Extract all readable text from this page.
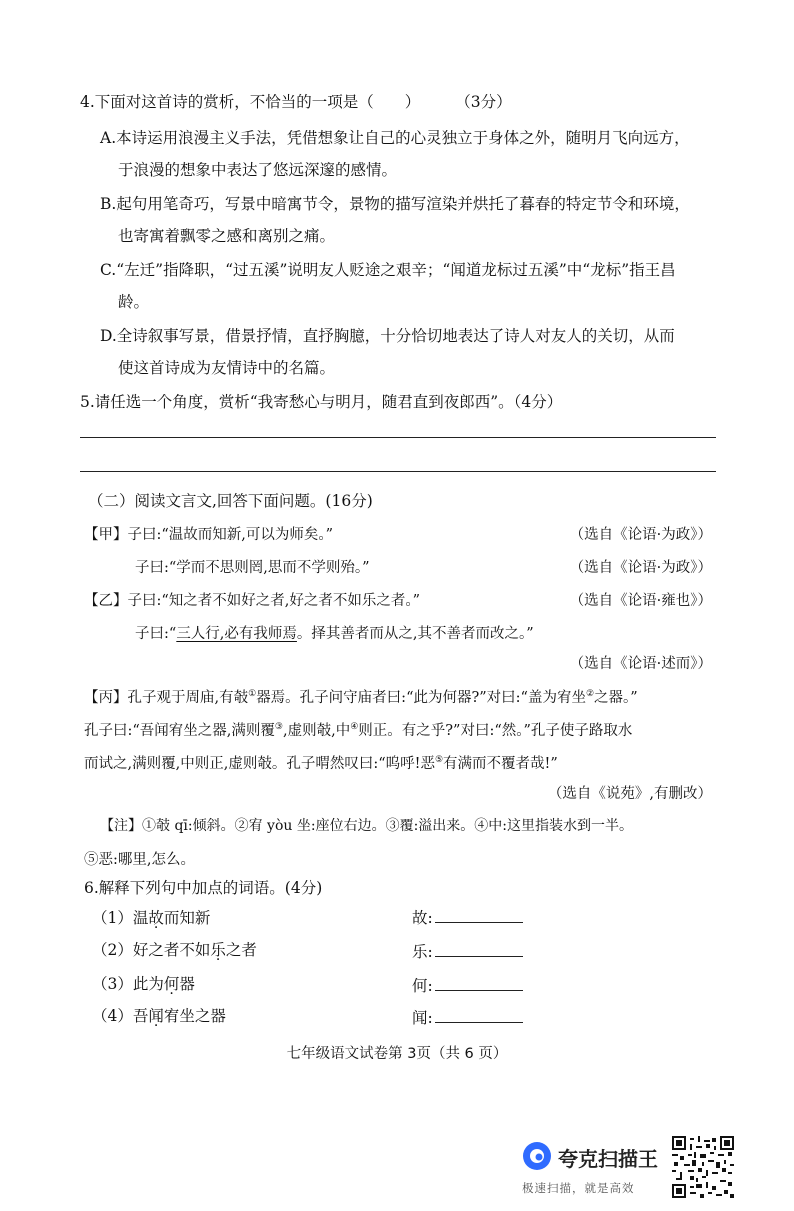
4.下面对这首诗的赏析，不恰当的一项是（　　） （3分）
A.本诗运用浪漫主义手法，凭借想象让自己的心灵独立于身体之外，随明月飞向远方，
于浪漫的想象中表达了悠远深邃的感情。
B.起句用笔奇巧，写景中暗寓节令，景物的描写渲染并烘托了暮春的特定节令和环境，
也寄寓着飘零之感和离别之痛。
C.“左迁”指降职，“过五溪”说明友人贬途之艰辛；“闻道龙标过五溪”中“龙标”指王昌
龄。
D.全诗叙事写景，借景抒情，直抒胸臆，十分恰切地表达了诗人对友人的关切，从而
使这首诗成为友情诗中的名篇。
5.请任选一个角度，赏析“我寄愁心与明月，随君直到夜郎西”。（4分）
（二）阅读文言文,回答下面问题。(16分)
【甲】子曰:“温故而知新,可以为师矣。”	（选自《论语·为政》）
子曰:“学而不思则罔,思而不学则殆。”	（选自《论语·为政》）
【乙】子曰:“知之者不如好之者,好之者不如乐之者。”	（选自《论语·雍也》）
子曰:“三人行,必有我师焉。择其善者而从之,其不善者而改之。”
（选自《论语·述而》）
【丙】孔子观于周庙,有攲①器焉。孔子问守庙者曰:“此为何器?”对曰:“盖为宥坐②之器。”
孔子曰:“吾闻宥坐之器,满则覆③,虚则攲,中④则正。有之乎?”对曰:“然。”孔子使子路取水
而试之,满则覆,中则正,虚则攲。孔子喟然叹曰:“呜呼!恶⑤有满而不覆者哉!”
（选自《说苑》,有删改）
【注】①攲 qī:倾斜。②宥 yòu 坐:座位右边。③覆:溢出来。④中:这里指装水到一半。
⑤恶:哪里,怎么。
6.解释下列句中加点的词语。(4分)
（1）温故而知新	故:
（2）好之者不如乐之者	乐:
（3）此为何器	何:
（4）吾闻宥坐之器	闻:
七年级语文试卷第 3页（共 6 页）
夸克扫描王
极速扫描，就是高效
